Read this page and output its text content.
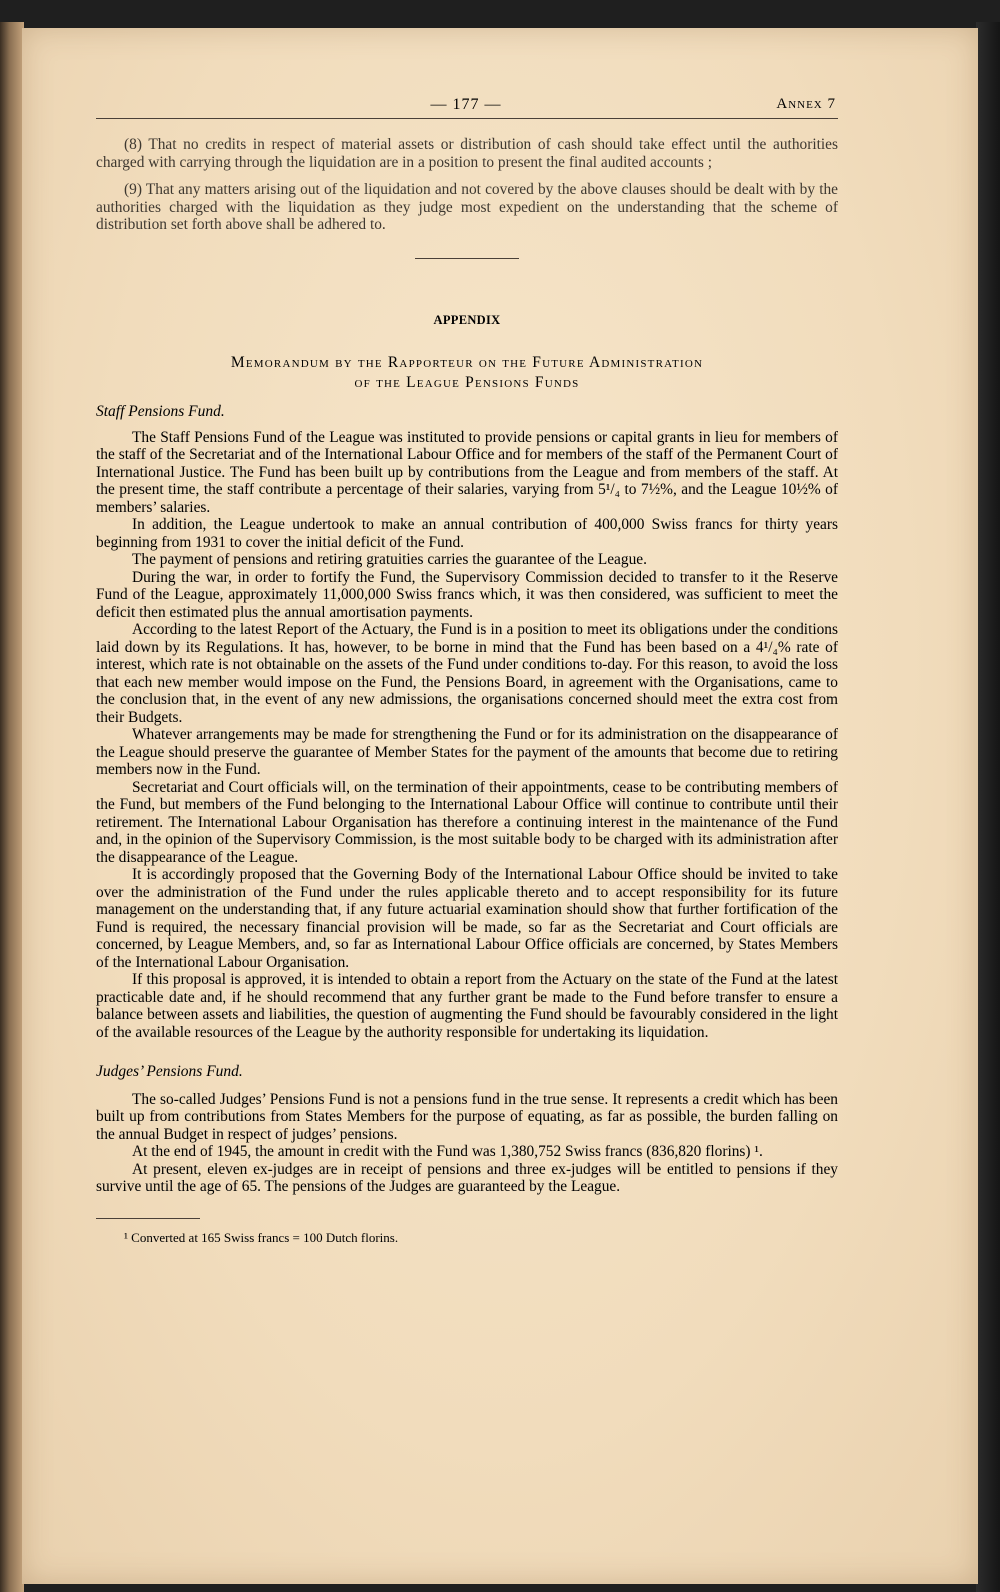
— 177 —	Annex 7

(8) That no credits in respect of material assets or distribution of cash should take effect until the authorities charged with carrying through the liquidation are in a position to present the final audited accounts ;

(9) That any matters arising out of the liquidation and not covered by the above clauses should be dealt with by the authorities charged with the liquidation as they judge most expedient on the understanding that the scheme of distribution set forth above shall be adhered to.

APPENDIX
Memorandum by the Rapporteur on the Future Administration
of the League Pensions Funds
Staff Pensions Fund.

The Staff Pensions Fund of the League was instituted to provide pensions or capital grants in lieu for members of the staff of the Secretariat and of the International Labour Office and for members of the staff of the Permanent Court of International Justice. The Fund has been built up by contributions from the League and from members of the staff. At the present time, the staff contribute a percentage of their salaries, varying from 5¹/₄ to 7½%, and the League 10½% of members’ salaries.

In addition, the League undertook to make an annual contribution of 400,000 Swiss francs for thirty years beginning from 1931 to cover the initial deficit of the Fund.

The payment of pensions and retiring gratuities carries the guarantee of the League.

During the war, in order to fortify the Fund, the Supervisory Commission decided to transfer to it the Reserve Fund of the League, approximately 11,000,000 Swiss francs which, it was then considered, was sufficient to meet the deficit then estimated plus the annual amortisation payments.

According to the latest Report of the Actuary, the Fund is in a position to meet its obligations under the conditions laid down by its Regulations. It has, however, to be borne in mind that the Fund has been based on a 4¹/₄% rate of interest, which rate is not obtainable on the assets of the Fund under conditions to-day. For this reason, to avoid the loss that each new member would impose on the Fund, the Pensions Board, in agreement with the Organisations, came to the conclusion that, in the event of any new admissions, the organisations concerned should meet the extra cost from their Budgets.

Whatever arrangements may be made for strengthening the Fund or for its administration on the disappearance of the League should preserve the guarantee of Member States for the payment of the amounts that become due to retiring members now in the Fund.

Secretariat and Court officials will, on the termination of their appointments, cease to be contributing members of the Fund, but members of the Fund belonging to the International Labour Office will continue to contribute until their retirement. The International Labour Organisation has therefore a continuing interest in the maintenance of the Fund and, in the opinion of the Supervisory Commission, is the most suitable body to be charged with its administration after the disappearance of the League.

It is accordingly proposed that the Governing Body of the International Labour Office should be invited to take over the administration of the Fund under the rules applicable thereto and to accept responsibility for its future management on the understanding that, if any future actuarial examination should show that further fortification of the Fund is required, the necessary financial provision will be made, so far as the Secretariat and Court officials are concerned, by League Members, and, so far as International Labour Office officials are concerned, by States Members of the International Labour Organisation.

If this proposal is approved, it is intended to obtain a report from the Actuary on the state of the Fund at the latest practicable date and, if he should recommend that any further grant be made to the Fund before transfer to ensure a balance between assets and liabilities, the question of augmenting the Fund should be favourably considered in the light of the available resources of the League by the authority responsible for undertaking its liquidation.

Judges’ Pensions Fund.

The so-called Judges’ Pensions Fund is not a pensions fund in the true sense. It represents a credit which has been built up from contributions from States Members for the purpose of equating, as far as possible, the burden falling on the annual Budget in respect of judges’ pensions.

At the end of 1945, the amount in credit with the Fund was 1,380,752 Swiss francs (836,820 florins) ¹.

At present, eleven ex-judges are in receipt of pensions and three ex-judges will be entitled to pensions if they survive until the age of 65. The pensions of the Judges are guaranteed by the League.

¹ Converted at 165 Swiss francs = 100 Dutch florins.
